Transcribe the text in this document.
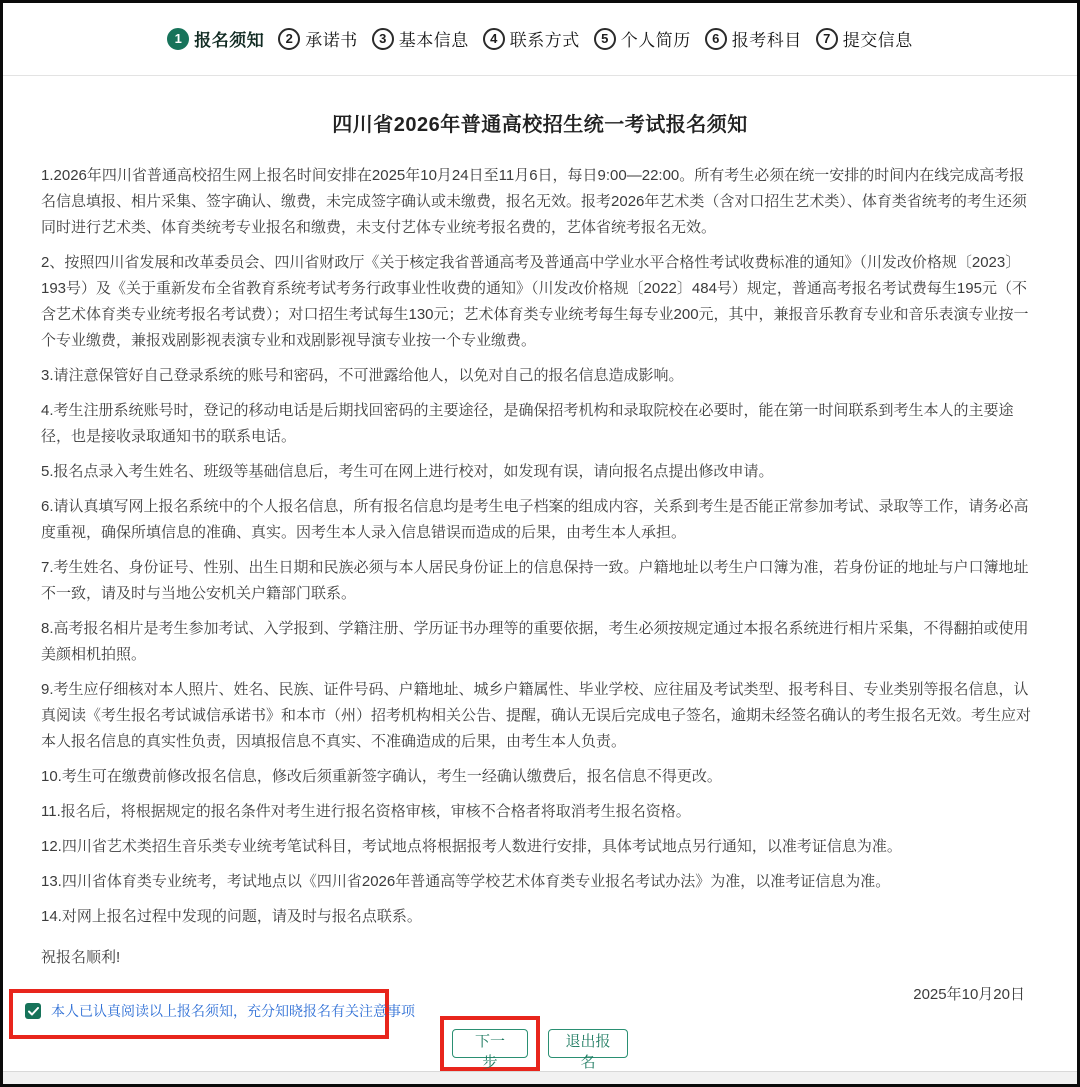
1 报名须知	2 承诺书	3 基本信息	4 联系方式	5 个人简历	6 报考科目	7 提交信息
四川省2026年普通高校招生统一考试报名须知

1.2026年四川省普通高校招生网上报名时间安排在2025年10月24日至11月6日，每日9:00—22:00。所有考生必须在统一安排的时间内在线完成高考报名信息填报、相片采集、签字确认、缴费，未完成签字确认或未缴费，报名无效。报考2026年艺术类（含对口招生艺术类）、体育类省统考的考生还须同时进行艺术类、体育类统考专业报名和缴费，未支付艺体专业统考报名费的，艺体省统考报名无效。

2、按照四川省发展和改革委员会、四川省财政厅《关于核定我省普通高考及普通高中学业水平合格性考试收费标准的通知》（川发改价格规〔2023〕193号）及《关于重新发布全省教育系统考试考务行政事业性收费的通知》（川发改价格规〔2022〕484号）规定，普通高考报名考试费每生195元（不含艺术体育类专业统考报名考试费）；对口招生考试每生130元；艺术体育类专业统考每生每专业200元，其中，兼报音乐教育专业和音乐表演专业按一个专业缴费，兼报戏剧影视表演专业和戏剧影视导演专业按一个专业缴费。

3.请注意保管好自己登录系统的账号和密码，不可泄露给他人，以免对自己的报名信息造成影响。

4.考生注册系统账号时，登记的移动电话是后期找回密码的主要途径，是确保招考机构和录取院校在必要时，能在第一时间联系到考生本人的主要途径，也是接收录取通知书的联系电话。

5.报名点录入考生姓名、班级等基础信息后，考生可在网上进行校对，如发现有误，请向报名点提出修改申请。

6.请认真填写网上报名系统中的个人报名信息，所有报名信息均是考生电子档案的组成内容，关系到考生是否能正常参加考试、录取等工作，请务必高度重视，确保所填信息的准确、真实。因考生本人录入信息错误而造成的后果，由考生本人承担。

7.考生姓名、身份证号、性别、出生日期和民族必须与本人居民身份证上的信息保持一致。户籍地址以考生户口簿为准，若身份证的地址与户口簿地址不一致，请及时与当地公安机关户籍部门联系。

8.高考报名相片是考生参加考试、入学报到、学籍注册、学历证书办理等的重要依据，考生必须按规定通过本报名系统进行相片采集，不得翻拍或使用美颜相机拍照。

9.考生应仔细核对本人照片、姓名、民族、证件号码、户籍地址、城乡户籍属性、毕业学校、应往届及考试类型、报考科目、专业类别等报名信息，认真阅读《考生报名考试诚信承诺书》和本市（州）招考机构相关公告、提醒，确认无误后完成电子签名，逾期未经签名确认的考生报名无效。考生应对本人报名信息的真实性负责，因填报信息不真实、不准确造成的后果，由考生本人负责。

10.考生可在缴费前修改报名信息，修改后须重新签字确认，考生一经确认缴费后，报名信息不得更改。

11.报名后，将根据规定的报名条件对考生进行报名资格审核，审核不合格者将取消考生报名资格。

12.四川省艺术类招生音乐类专业统考笔试科目，考试地点将根据报考人数进行安排，具体考试地点另行通知，以准考证信息为准。

13.四川省体育类专业统考，考试地点以《四川省2026年普通高等学校艺术体育类专业报名考试办法》为准，以准考证信息为准。

14.对网上报名过程中发现的问题，请及时与报名点联系。

祝报名顺利!
2025年10月20日
本人已认真阅读以上报名须知，充分知晓报名有关注意事项
下一步
退出报名
